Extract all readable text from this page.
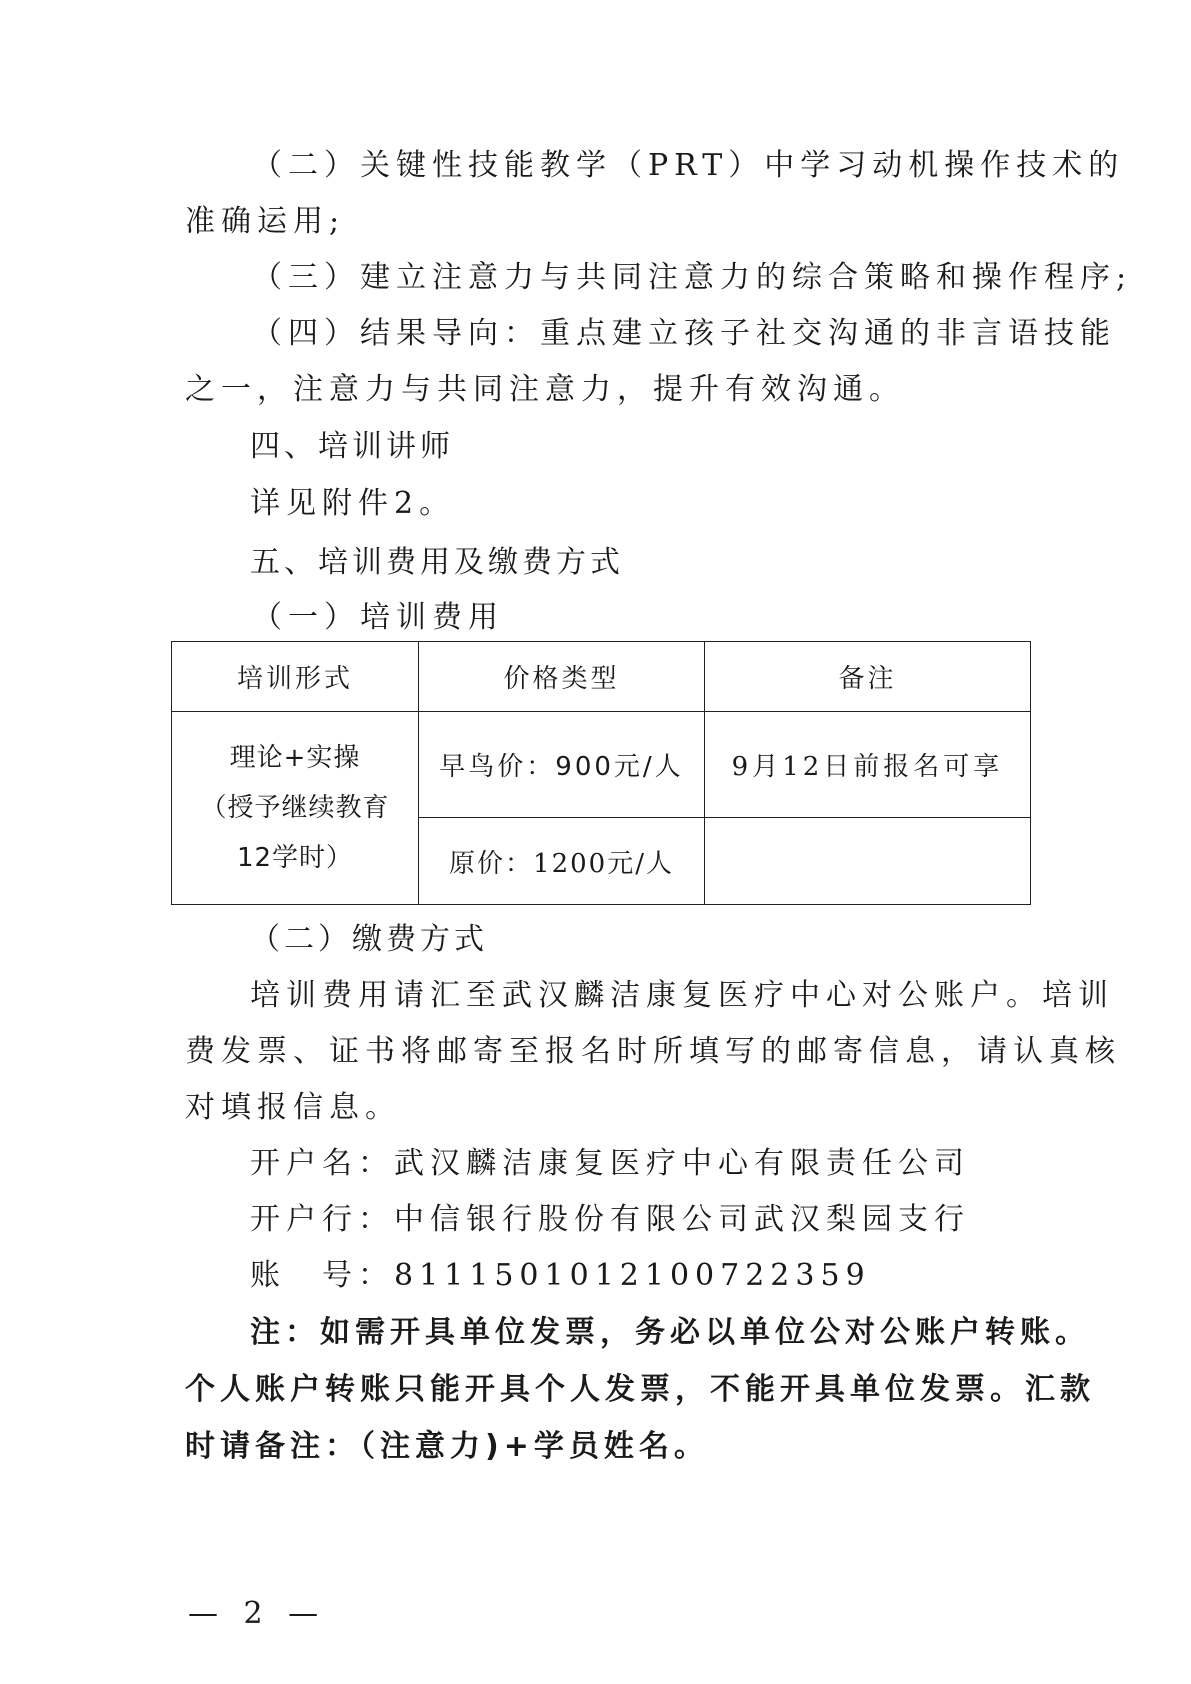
（二）关键性技能教学（PRT）中学习动机操作技术的
准确运用;
（三）建立注意力与共同注意力的综合策略和操作程序;
（四）结果导向：重点建立孩子社交沟通的非言语技能
之一，注意力与共同注意力，提升有效沟通。
四、培训讲师
详见附件2。
五、培训费用及缴费方式
（一）培训费用
培训形式	价格类型	备注

理论+实操
（授予继续教育
12学时）	早鸟价：900元/人	9月12日前报名可享
	原价：1200元/人	
（二）缴费方式
培训费用请汇至武汉麟洁康复医疗中心对公账户。培训
费发票、证书将邮寄至报名时所填写的邮寄信息，请认真核
对填报信息。
开户名：武汉麟洁康复医疗中心有限责任公司
开户行：中信银行股份有限公司武汉梨园支行
账　号：8111501012100722359
注：如需开具单位发票，务必以单位公对公账户转账。
个人账户转账只能开具个人发票，不能开具单位发票。汇款
时请备注：（注意力)+学员姓名。
— 2 —
